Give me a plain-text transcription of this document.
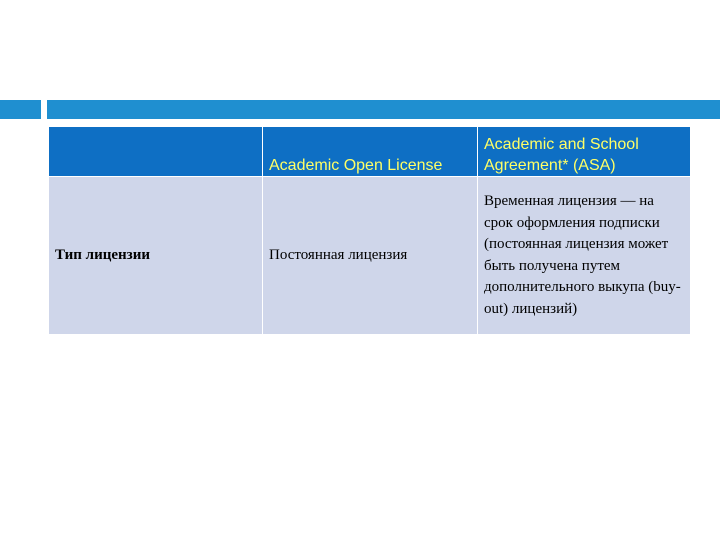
	Academic Open License	Academic and School Agreement* (ASA)

Тип лицензии	Постоянная лицензия	Временная лицензия — на срок оформления подписки (постоянная лицензия может быть получена путем дополнительного выкупа (buy-out) лицензий)
